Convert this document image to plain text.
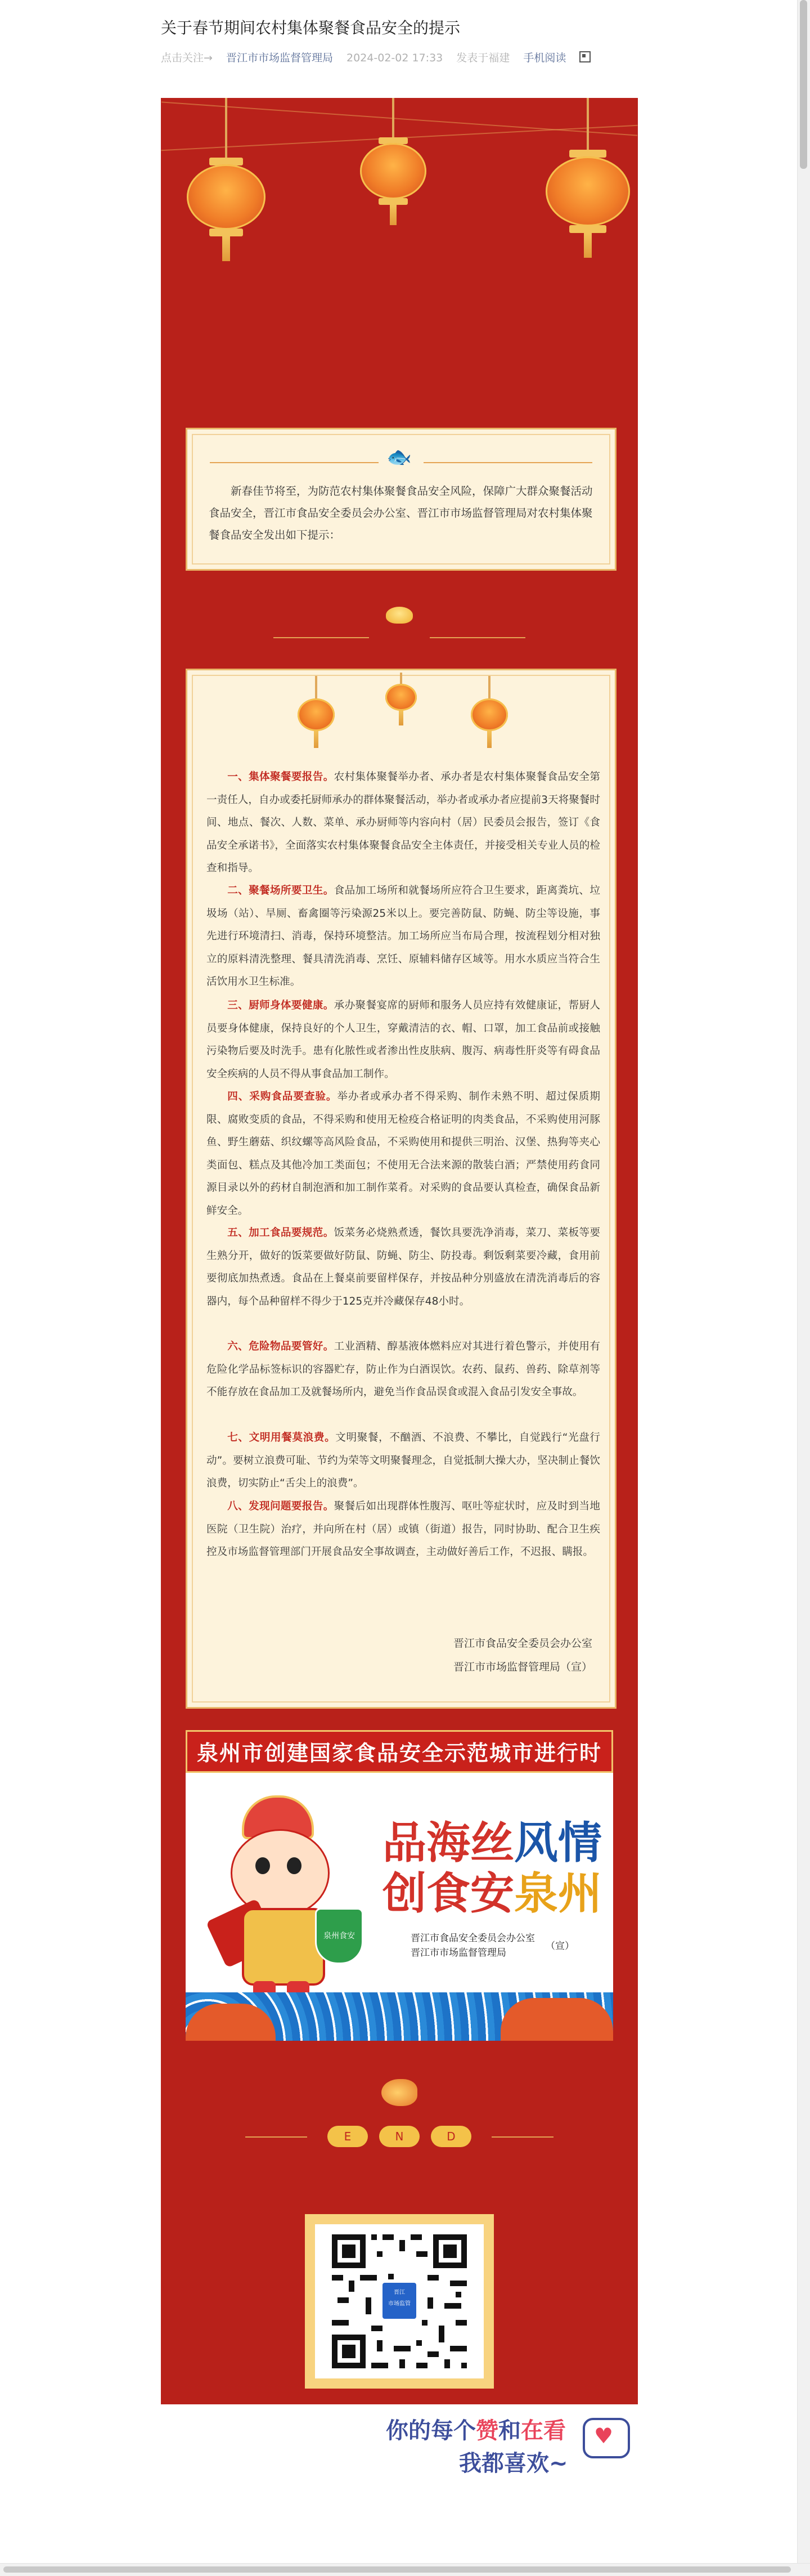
关于春节期间农村集体聚餐食品安全的提示
点击关注→ 晋江市市场监督管理局 2024-02-02 17:33 发表于福建 手机阅读
🐟
新春佳节将至，为防范农村集体聚餐食品安全风险，保障广大群众聚餐活动食品安全，晋江市食品安全委员会办公室、晋江市市场监督管理局对农村集体聚餐食品安全发出如下提示：
一、集体聚餐要报告。农村集体聚餐举办者、承办者是农村集体聚餐食品安全第一责任人，自办或委托厨师承办的群体聚餐活动，举办者或承办者应提前3天将聚餐时间、地点、餐次、人数、菜单、承办厨师等内容向村（居）民委员会报告，签订《食品安全承诺书》，全面落实农村集体聚餐食品安全主体责任，并接受相关专业人员的检查和指导。
二、聚餐场所要卫生。食品加工场所和就餐场所应符合卫生要求，距离粪坑、垃圾场（站）、旱厕、畜禽圈等污染源25米以上。要完善防鼠、防蝇、防尘等设施，事先进行环境清扫、消毒，保持环境整洁。加工场所应当布局合理，按流程划分相对独立的原料清洗整理、餐具清洗消毒、烹饪、原辅料储存区域等。用水水质应当符合生活饮用水卫生标准。
三、厨师身体要健康。承办聚餐宴席的厨师和服务人员应持有效健康证，帮厨人员要身体健康，保持良好的个人卫生，穿戴清洁的衣、帽、口罩，加工食品前或接触污染物后要及时洗手。患有化脓性或者渗出性皮肤病、腹泻、病毒性肝炎等有碍食品安全疾病的人员不得从事食品加工制作。
四、采购食品要查验。举办者或承办者不得采购、制作未熟不明、超过保质期限、腐败变质的食品，不得采购和使用无检疫合格证明的肉类食品，不采购使用河豚鱼、野生蘑菇、织纹螺等高风险食品，不采购使用和提供三明治、汉堡、热狗等夹心类面包、糕点及其他冷加工类面包；不使用无合法来源的散装白酒；严禁使用药食同源目录以外的药材自制泡酒和加工制作菜肴。对采购的食品要认真检查，确保食品新鲜安全。
五、加工食品要规范。饭菜务必烧熟煮透，餐饮具要洗净消毒，菜刀、菜板等要生熟分开，做好的饭菜要做好防鼠、防蝇、防尘、防投毒。剩饭剩菜要冷藏，食用前要彻底加热煮透。食品在上餐桌前要留样保存，并按品种分别盛放在清洗消毒后的容器内，每个品种留样不得少于125克并冷藏保存48小时。
六、危险物品要管好。工业酒精、醇基液体燃料应对其进行着色警示，并使用有危险化学品标签标识的容器贮存，防止作为白酒误饮。农药、鼠药、兽药、除草剂等不能存放在食品加工及就餐场所内，避免当作食品误食或混入食品引发安全事故。
七、文明用餐莫浪费。文明聚餐，不酗酒、不浪费、不攀比，自觉践行“光盘行动”。要树立浪费可耻、节约为荣等文明聚餐理念，自觉抵制大操大办，坚决制止餐饮浪费，切实防止“舌尖上的浪费”。
八、发现问题要报告。聚餐后如出现群体性腹泻、呕吐等症状时，应及时到当地医院（卫生院）治疗，并向所在村（居）或镇（街道）报告，同时协助、配合卫生疾控及市场监督管理部门开展食品安全事故调查，主动做好善后工作，不迟报、瞒报。
晋江市食品安全委员会办公室
晋江市市场监督管理局（宣）
泉州市创建国家食品安全示范城市进行时
泉州食安
品海丝风情
创食安泉州
晋江市食品安全委员会办公室
晋江市市场监督管理局
（宣）
E	N	D
晋江
市场监管
你的每个赞和在看
我都喜欢~
♥
